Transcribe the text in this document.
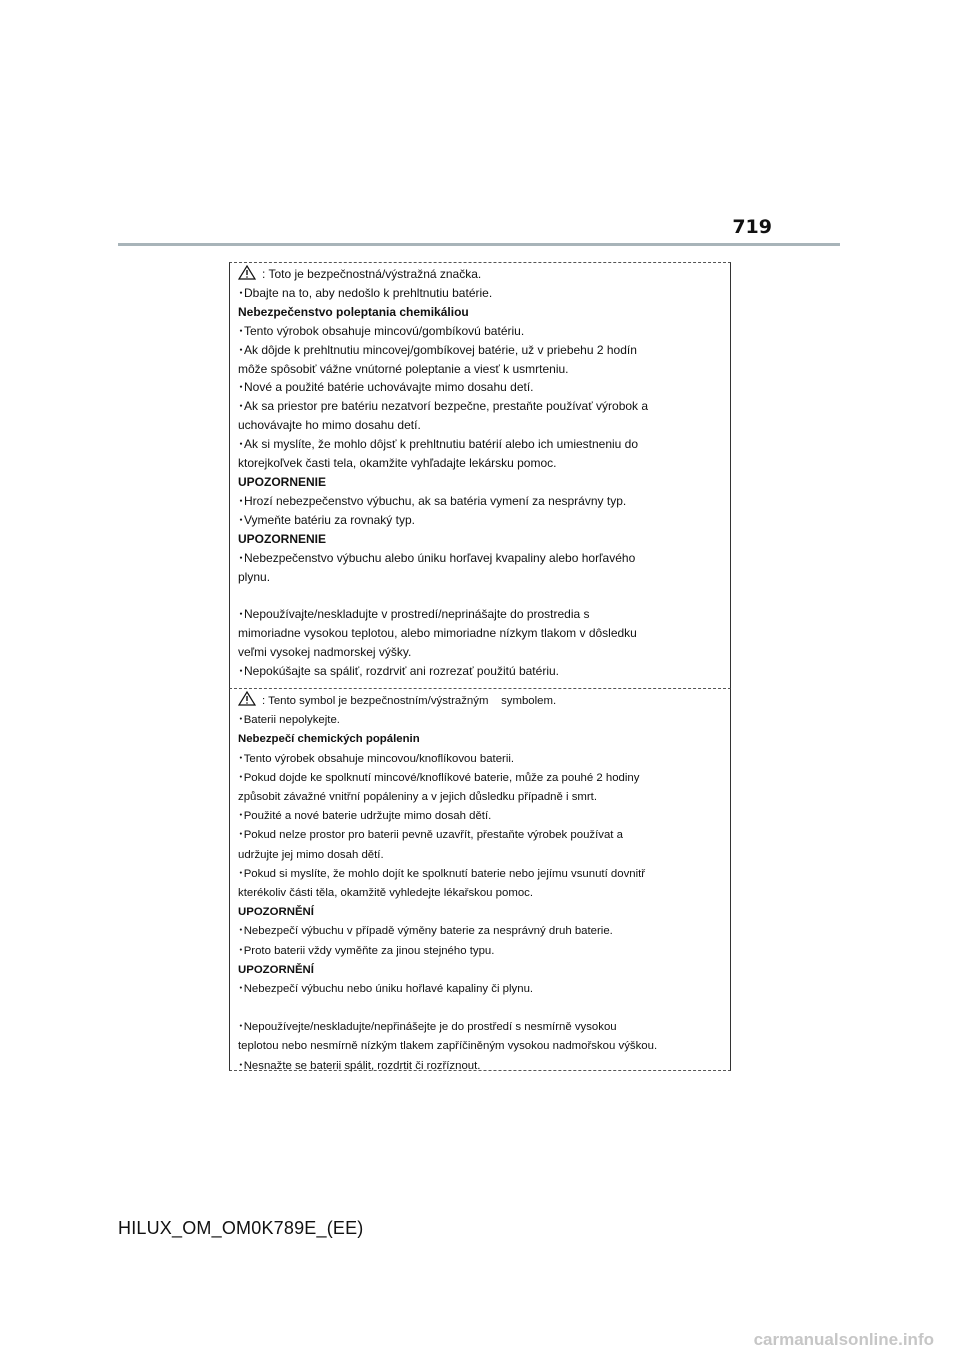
719
: Toto je bezpečnostná/výstražná značka.
･Dbajte na to, aby nedošlo k prehltnutiu batérie.
Nebezpečenstvo poleptania chemikáliou
･Tento výrobok obsahuje mincovú/gombíkovú batériu.
･Ak dôjde k prehltnutiu mincovej/gombíkovej batérie, už v priebehu 2 hodín
môže spôsobiť vážne vnútorné poleptanie a viesť k usmrteniu.
･Nové a použité batérie uchovávajte mimo dosahu detí.
･Ak sa priestor pre batériu nezatvorí bezpečne, prestaňte používať výrobok a
uchovávajte ho mimo dosahu detí.
･Ak si myslíte, že mohlo dôjsť k prehltnutiu batérií alebo ich umiestneniu do
ktorejkoľvek časti tela, okamžite vyhľadajte lekársku pomoc.
UPOZORNENIE
･Hrozí nebezpečenstvo výbuchu, ak sa batéria vymení za nesprávny typ.
･Vymeňte batériu za rovnaký typ.
UPOZORNENIE
･Nebezpečenstvo výbuchu alebo úniku horľavej kvapaliny alebo horľavého
plynu.
･Nepoužívajte/neskladujte v prostredí/neprinášajte do prostredia s
mimoriadne vysokou teplotou, alebo mimoriadne nízkym tlakom v dôsledku
veľmi vysokej nadmorskej výšky.
･Nepokúšajte sa spáliť, rozdrviť ani rozrezať použitú batériu.
: Tento symbol je bezpečnostním/výstražným    symbolem.
･Baterii nepolykejte.
Nebezpečí chemických popálenin
･Tento výrobek obsahuje mincovou/knoflíkovou baterii.
･Pokud dojde ke spolknutí mincové/knoflíkové baterie, může za pouhé 2 hodiny
způsobit závažné vnitřní popáleniny a v jejich důsledku případně i smrt.
･Použité a nové baterie udržujte mimo dosah dětí.
･Pokud nelze prostor pro baterii pevně uzavřít, přestaňte výrobek používat a
udržujte jej mimo dosah dětí.
･Pokud si myslíte, že mohlo dojít ke spolknutí baterie nebo jejímu vsunutí dovnitř
kterékoliv části těla, okamžitě vyhledejte lékařskou pomoc.
UPOZORNĚNÍ
･Nebezpečí výbuchu v případě výměny baterie za nesprávný druh baterie.
･Proto baterii vždy vyměňte za jinou stejného typu.
UPOZORNĚNÍ
･Nebezpečí výbuchu nebo úniku hořlavé kapaliny či plynu.
･Nepoužívejte/neskladujte/nepřinášejte je do prostředí s nesmírně vysokou
teplotou nebo nesmírně nízkým tlakem zapříčiněným vysokou nadmořskou výškou.
･Nesnažte se baterii spálit, rozdrtit či rozříznout.
HILUX_OM_OM0K789E_(EE)
carmanualsonline.info
